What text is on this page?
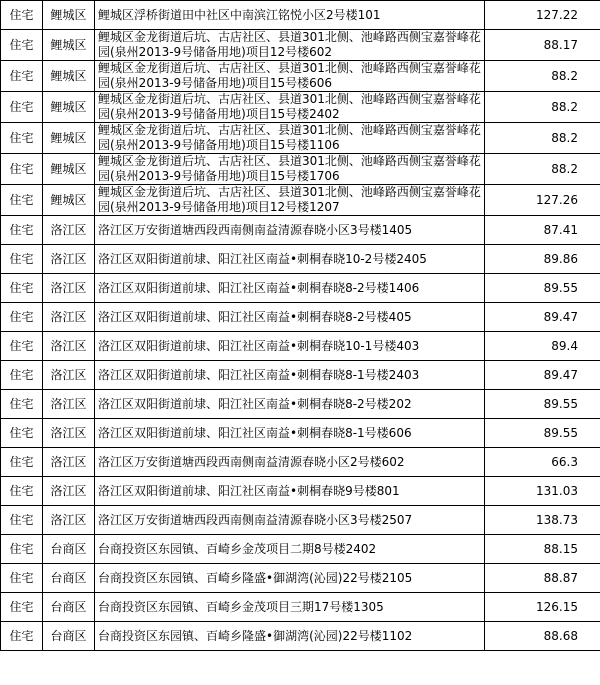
住宅	鲤城区	鲤城区浮桥街道田中社区中南滨江铭悦小区2号楼101	127.22
住宅	鲤城区	鲤城区金龙街道后坑、古店社区、县道301北侧、池峰路西侧宝嘉誉峰花园(泉州2013-9号储备用地)项目12号楼602	88.17
住宅	鲤城区	鲤城区金龙街道后坑、古店社区、县道301北侧、池峰路西侧宝嘉誉峰花园(泉州2013-9号储备用地)项目15号楼606	88.2
住宅	鲤城区	鲤城区金龙街道后坑、古店社区、县道301北侧、池峰路西侧宝嘉誉峰花园(泉州2013-9号储备用地)项目15号楼2402	88.2
住宅	鲤城区	鲤城区金龙街道后坑、古店社区、县道301北侧、池峰路西侧宝嘉誉峰花园(泉州2013-9号储备用地)项目15号楼1106	88.2
住宅	鲤城区	鲤城区金龙街道后坑、古店社区、县道301北侧、池峰路西侧宝嘉誉峰花园(泉州2013-9号储备用地)项目15号楼1706	88.2
住宅	鲤城区	鲤城区金龙街道后坑、古店社区、县道301北侧、池峰路西侧宝嘉誉峰花园(泉州2013-9号储备用地)项目12号楼1207	127.26
住宅	洛江区	洛江区万安街道塘西段西南侧南益清源春晓小区3号楼1405	87.41
住宅	洛江区	洛江区双阳街道前埭、阳江社区南益•刺桐春晓10-2号楼2405	89.86
住宅	洛江区	洛江区双阳街道前埭、阳江社区南益•刺桐春晓8-2号楼1406	89.55
住宅	洛江区	洛江区双阳街道前埭、阳江社区南益•刺桐春晓8-2号楼405	89.47
住宅	洛江区	洛江区双阳街道前埭、阳江社区南益•刺桐春晓10-1号楼403	89.4
住宅	洛江区	洛江区双阳街道前埭、阳江社区南益•刺桐春晓8-1号楼2403	89.47
住宅	洛江区	洛江区双阳街道前埭、阳江社区南益•刺桐春晓8-2号楼202	89.55
住宅	洛江区	洛江区双阳街道前埭、阳江社区南益•刺桐春晓8-1号楼606	89.55
住宅	洛江区	洛江区万安街道塘西段西南侧南益清源春晓小区2号楼602	66.3
住宅	洛江区	洛江区双阳街道前埭、阳江社区南益•刺桐春晓9号楼801	131.03
住宅	洛江区	洛江区万安街道塘西段西南侧南益清源春晓小区3号楼2507	138.73
住宅	台商区	台商投资区东园镇、百崎乡金茂项目二期8号楼2402	88.15
住宅	台商区	台商投资区东园镇、百崎乡隆盛•御湖湾(沁园)22号楼2105	88.87
住宅	台商区	台商投资区东园镇、百崎乡金茂项目三期17号楼1305	126.15
住宅	台商区	台商投资区东园镇、百崎乡隆盛•御湖湾(沁园)22号楼1102	88.68
